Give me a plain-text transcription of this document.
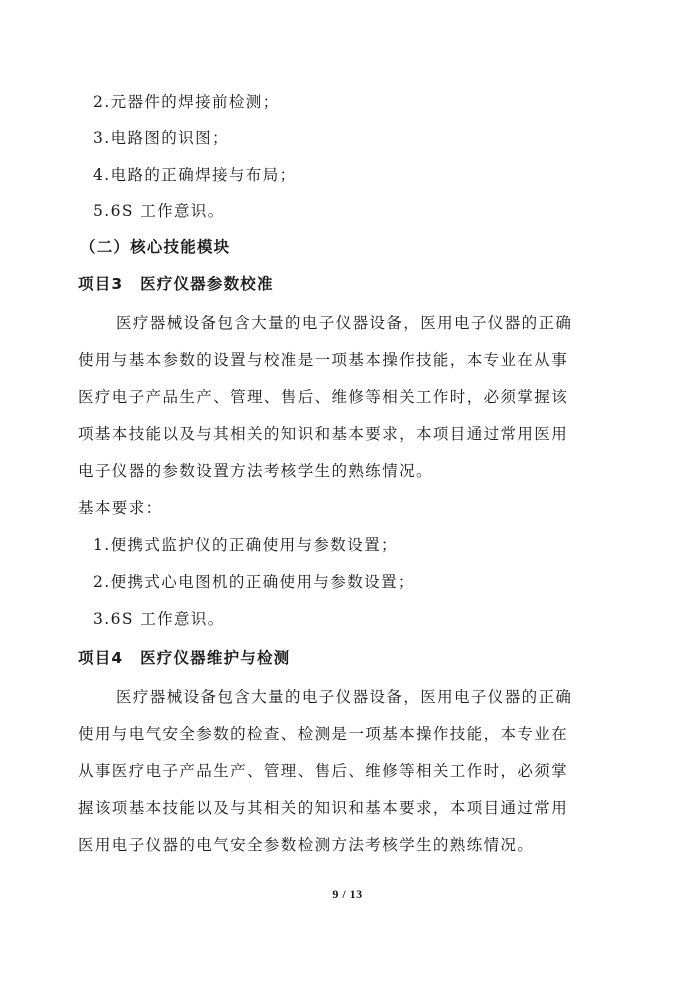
2.元器件的焊接前检测；
3.电路图的识图；
4.电路的正确焊接与布局；
5.6S 工作意识。
（二）核心技能模块
项目3　医疗仪器参数校准
医疗器械设备包含大量的电子仪器设备，医用电子仪器的正确
使用与基本参数的设置与校准是一项基本操作技能，本专业在从事
医疗电子产品生产、管理、售后、维修等相关工作时，必须掌握该
项基本技能以及与其相关的知识和基本要求，本项目通过常用医用
电子仪器的参数设置方法考核学生的熟练情况。
基本要求：
1.便携式监护仪的正确使用与参数设置；
2.便携式心电图机的正确使用与参数设置；
3.6S 工作意识。
项目4　医疗仪器维护与检测
医疗器械设备包含大量的电子仪器设备，医用电子仪器的正确
使用与电气安全参数的检查、检测是一项基本操作技能，本专业在
从事医疗电子产品生产、管理、售后、维修等相关工作时，必须掌
握该项基本技能以及与其相关的知识和基本要求，本项目通过常用
医用电子仪器的电气安全参数检测方法考核学生的熟练情况。
9 / 13
